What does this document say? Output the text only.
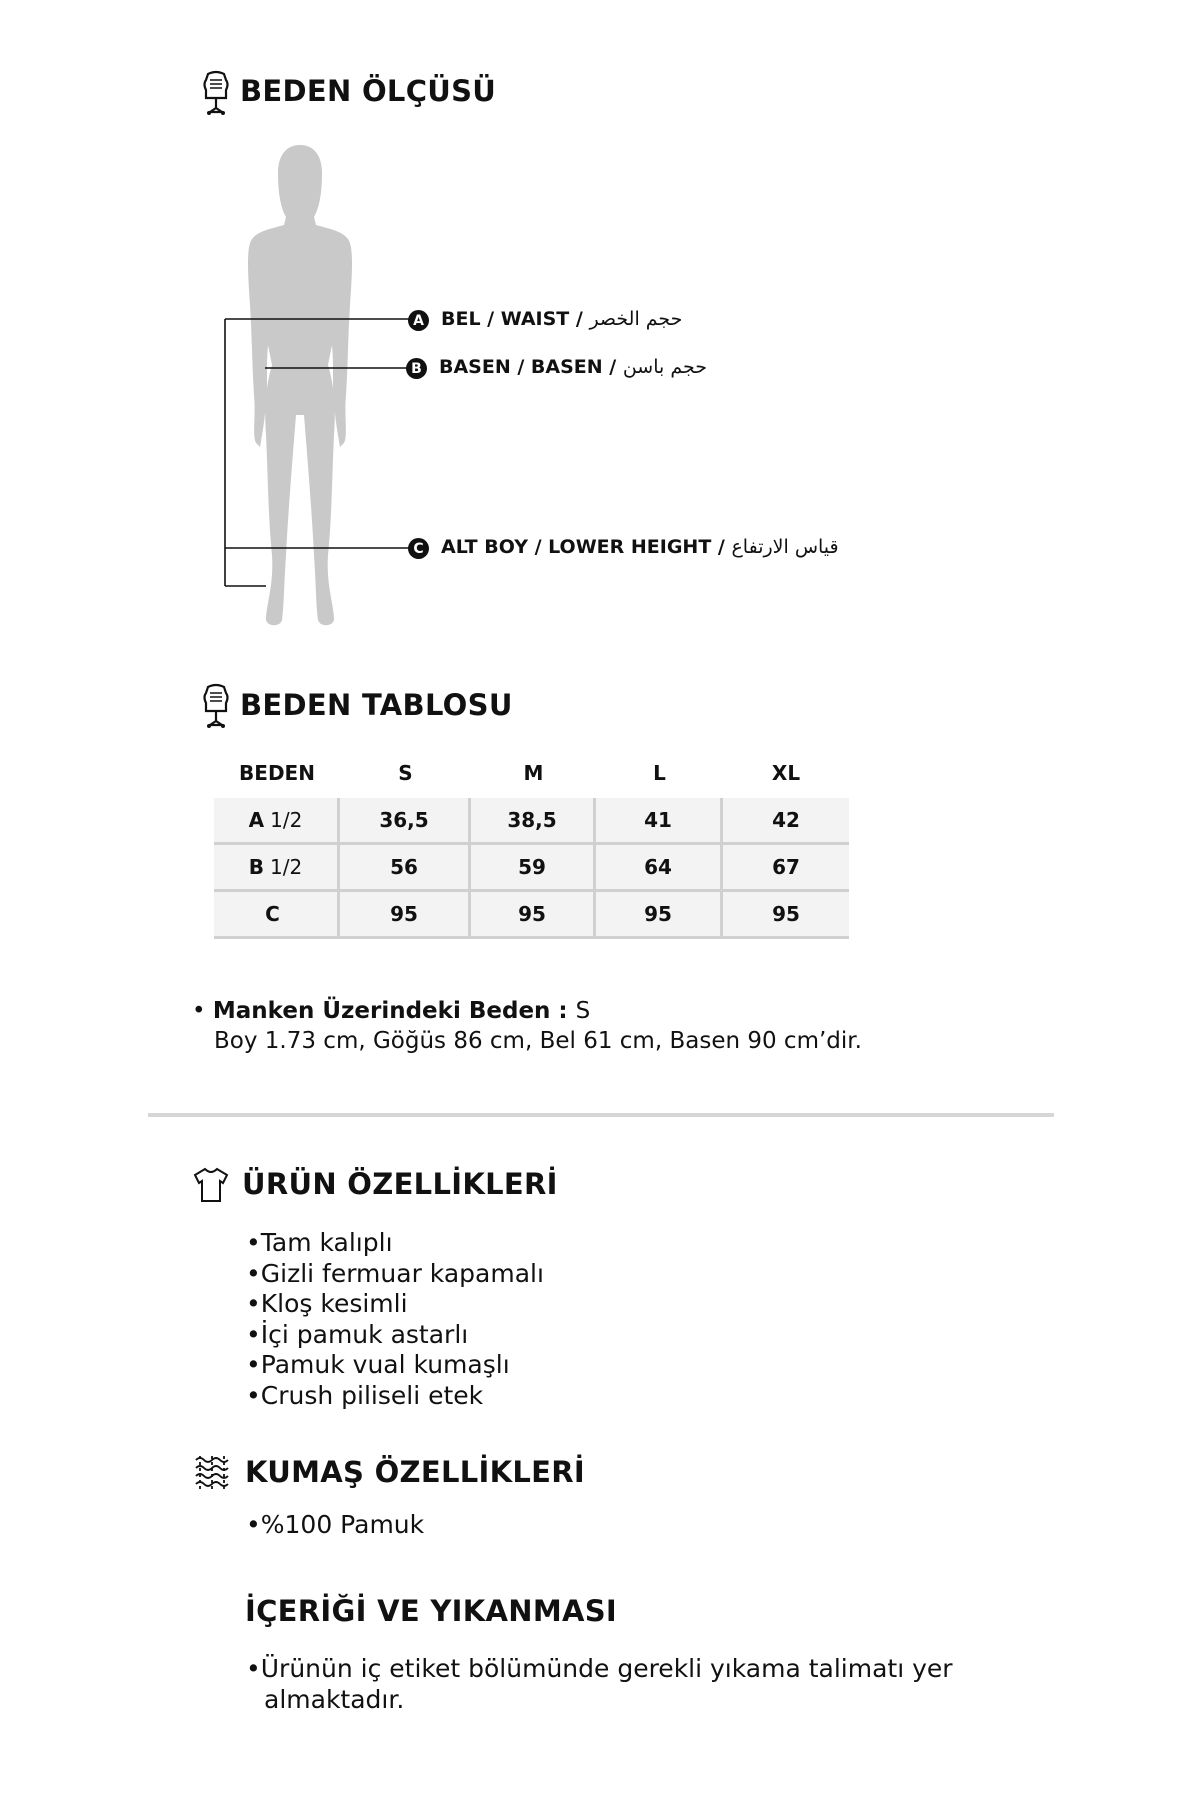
BEDEN ÖLÇÜSÜ
A BEL / WAIST / حجم الخصر
B BASEN / BASEN / حجم باسن
C ALT BOY / LOWER HEIGHT / قياس الارتفاع
BEDEN TABLOSU
BEDEN	S	M	L	XL
A 1/2	36,5	38,5	41	42
B 1/2	56	59	64	67
C	95	95	95	95
• Manken Üzerindeki Beden : S
Boy 1.73 cm, Göğüs 86 cm, Bel 61 cm, Basen 90 cm’dir.
ÜRÜN ÖZELLİKLERİ
• Tam kalıplı
• Gizli fermuar kapamalı
• Kloş kesimli
• İçi pamuk astarlı
• Pamuk vual kumaşlı
• Crush piliseli etek
KUMAŞ ÖZELLİKLERİ
• %100 Pamuk
İÇERİĞİ VE YIKANMASI
• Ürünün iç etiket bölümünde gerekli yıkama talimatı yer
almaktadır.
